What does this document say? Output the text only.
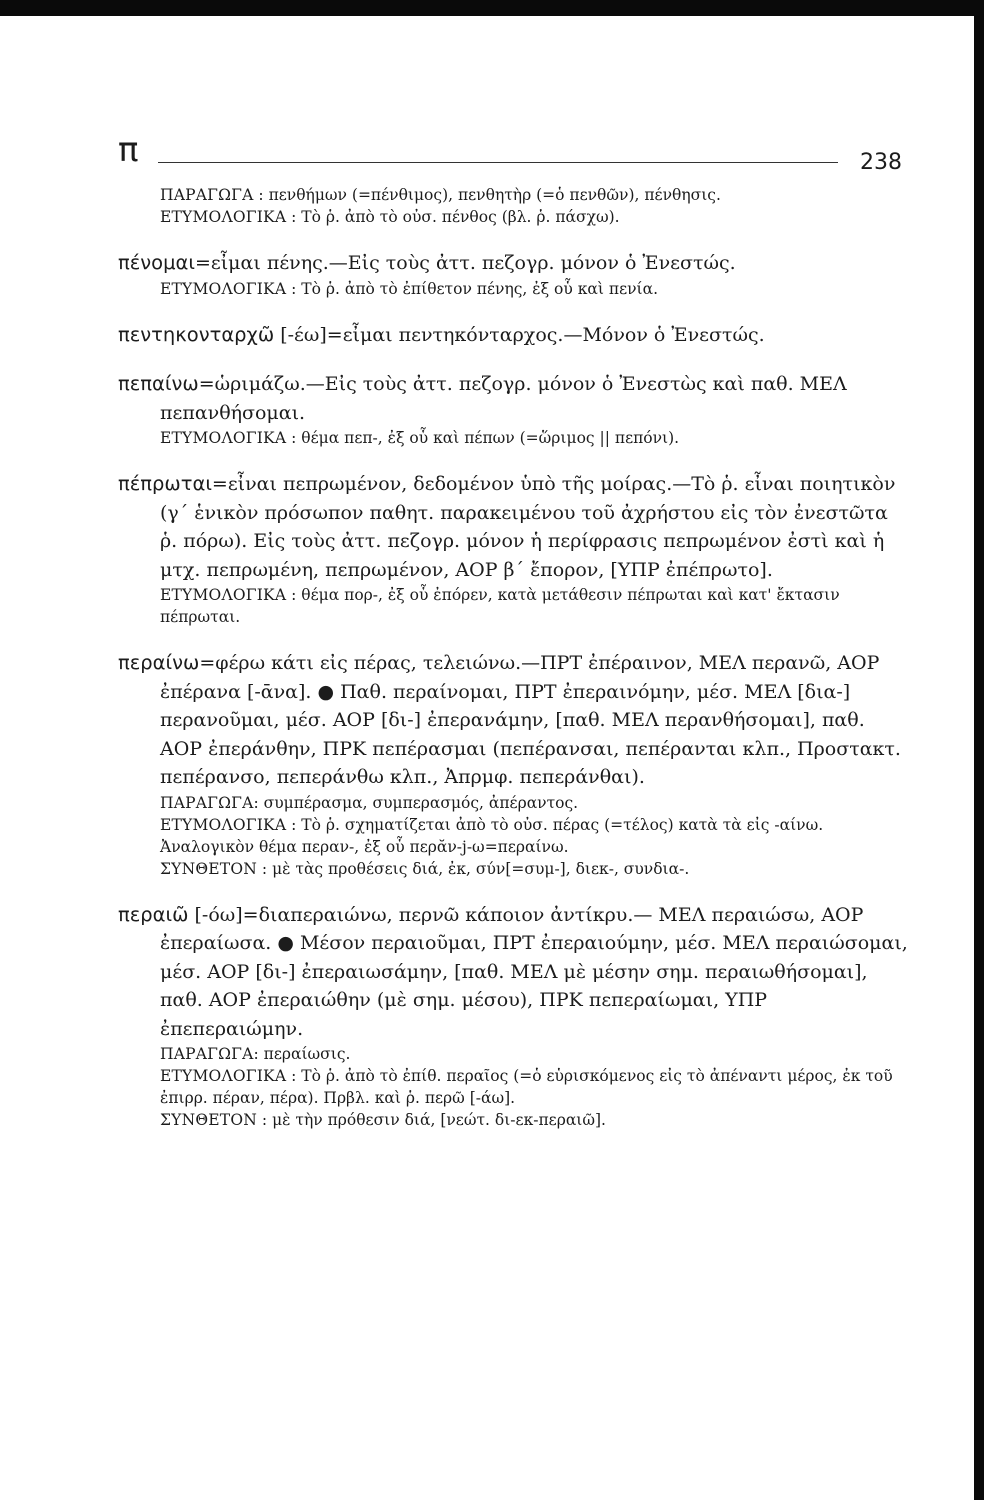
π	238
ΠΑΡΑΓΩΓΑ : πενθήμων (=πένθιμος), πενθητὴρ (=ὁ πενθῶν), πένθησις.
ΕΤΥΜΟΛΟΓΙΚΑ : Τὸ ῥ. ἀπὸ τὸ οὐσ. πένθος (βλ. ῥ. πάσχω).
πένομαι=εἶμαι πένης.—Εἰς τοὺς ἀττ. πεζογρ. μόνον ὁ Ἐνεστώς.
ΕΤΥΜΟΛΟΓΙΚΑ : Τὸ ῥ. ἀπὸ τὸ ἐπίθετον πένης, ἐξ οὗ καὶ πενία.
πεντηκονταρχῶ [-έω]=εἶμαι πεντηκόνταρχος.—Μόνον ὁ Ἐνεστώς.
πεπαίνω=ὡριμάζω.—Εἰς τοὺς ἀττ. πεζογρ. μόνον ὁ Ἐνεστὼς καὶ παθ. ΜΕΛ πεπανθήσομαι.
ΕΤΥΜΟΛΟΓΙΚΑ : θέμα πεπ-, ἐξ οὗ καὶ πέπων (=ὥριμος || πεπόνι).
πέπρωται=εἶναι πεπρωμένον, δεδομένον ὑπὸ τῆς μοίρας.—Τὸ ῥ. εἶναι ποιητικὸν (γ΄ ἑνικὸν πρόσωπον παθητ. παρακειμένου τοῦ ἀχρήστου εἰς τὸν ἐνεστῶτα ῥ. πόρω). Εἰς τοὺς ἀττ. πεζογρ. μόνον ἡ περίφρασις πεπρωμένον ἐστὶ καὶ ἡ μτχ. πεπρωμένη, πεπρωμένον, ΑΟΡ β΄ ἔπορον, [ΥΠΡ ἐπέπρωτο].
ΕΤΥΜΟΛΟΓΙΚΑ : θέμα πορ-, ἐξ οὗ ἐπόρεν, κατὰ μετάθεσιν πέπρωται καὶ κατ' ἔκτασιν πέπρωται.
περαίνω=φέρω κάτι εἰς πέρας, τελειώνω.—ΠΡΤ ἐπέραινον, ΜΕΛ περανῶ, ΑΟΡ ἐπέρανα [-ᾱνα]. ● Παθ. περαίνομαι, ΠΡΤ ἐπεραινόμην, μέσ. ΜΕΛ [δια-] περανοῦμαι, μέσ. ΑΟΡ [δι-] ἐπερανάμην, [παθ. ΜΕΛ περανθήσομαι], παθ. ΑΟΡ ἐπεράνθην, ΠΡΚ πεπέρασμαι (πεπέρανσαι, πεπέρανται κλπ., Προστακτ. πεπέρανσο, πεπεράνθω κλπ., Ἀπρμφ. πεπεράνθαι).
ΠΑΡΑΓΩΓΑ: συμπέρασμα, συμπερασμός, ἀπέραντος.
ΕΤΥΜΟΛΟΓΙΚΑ : Τὸ ῥ. σχηματίζεται ἀπὸ τὸ οὐσ. πέρας (=τέλος) κατὰ τὰ εἰς -αίνω. Ἀναλογικὸν θέμα περαν-, ἐξ οὗ περᾰν-j-ω=περαίνω.
ΣΥΝΘΕΤΟΝ : μὲ τὰς προθέσεις διά, ἐκ, σύν[=συμ-], διεκ-, συνδια-.
περαιῶ [-όω]=διαπεραιώνω, περνῶ κάποιον ἀντίκρυ.— ΜΕΛ περαιώσω, ΑΟΡ ἐπεραίωσα. ● Μέσον περαιοῦμαι, ΠΡΤ ἐπεραιούμην, μέσ. ΜΕΛ περαιώσομαι, μέσ. ΑΟΡ [δι-] ἐπεραιωσάμην, [παθ. ΜΕΛ μὲ μέσην σημ. περαιωθήσομαι], παθ. ΑΟΡ ἐπεραιώθην (μὲ σημ. μέσου), ΠΡΚ πεπεραίωμαι, ΥΠΡ ἐπεπεραιώμην.
ΠΑΡΑΓΩΓΑ: περαίωσις.
ΕΤΥΜΟΛΟΓΙΚΑ : Τὸ ῥ. ἀπὸ τὸ ἐπίθ. περαῖος (=ὁ εὑρισκόμενος εἰς τὸ ἀπέναντι μέρος, ἐκ τοῦ ἐπιρρ. πέραν, πέρα). Πρβλ. καὶ ῥ. περῶ [-άω].
ΣΥΝΘΕΤΟΝ : μὲ τὴν πρόθεσιν διά, [νεώτ. δι-εκ-περαιῶ].
